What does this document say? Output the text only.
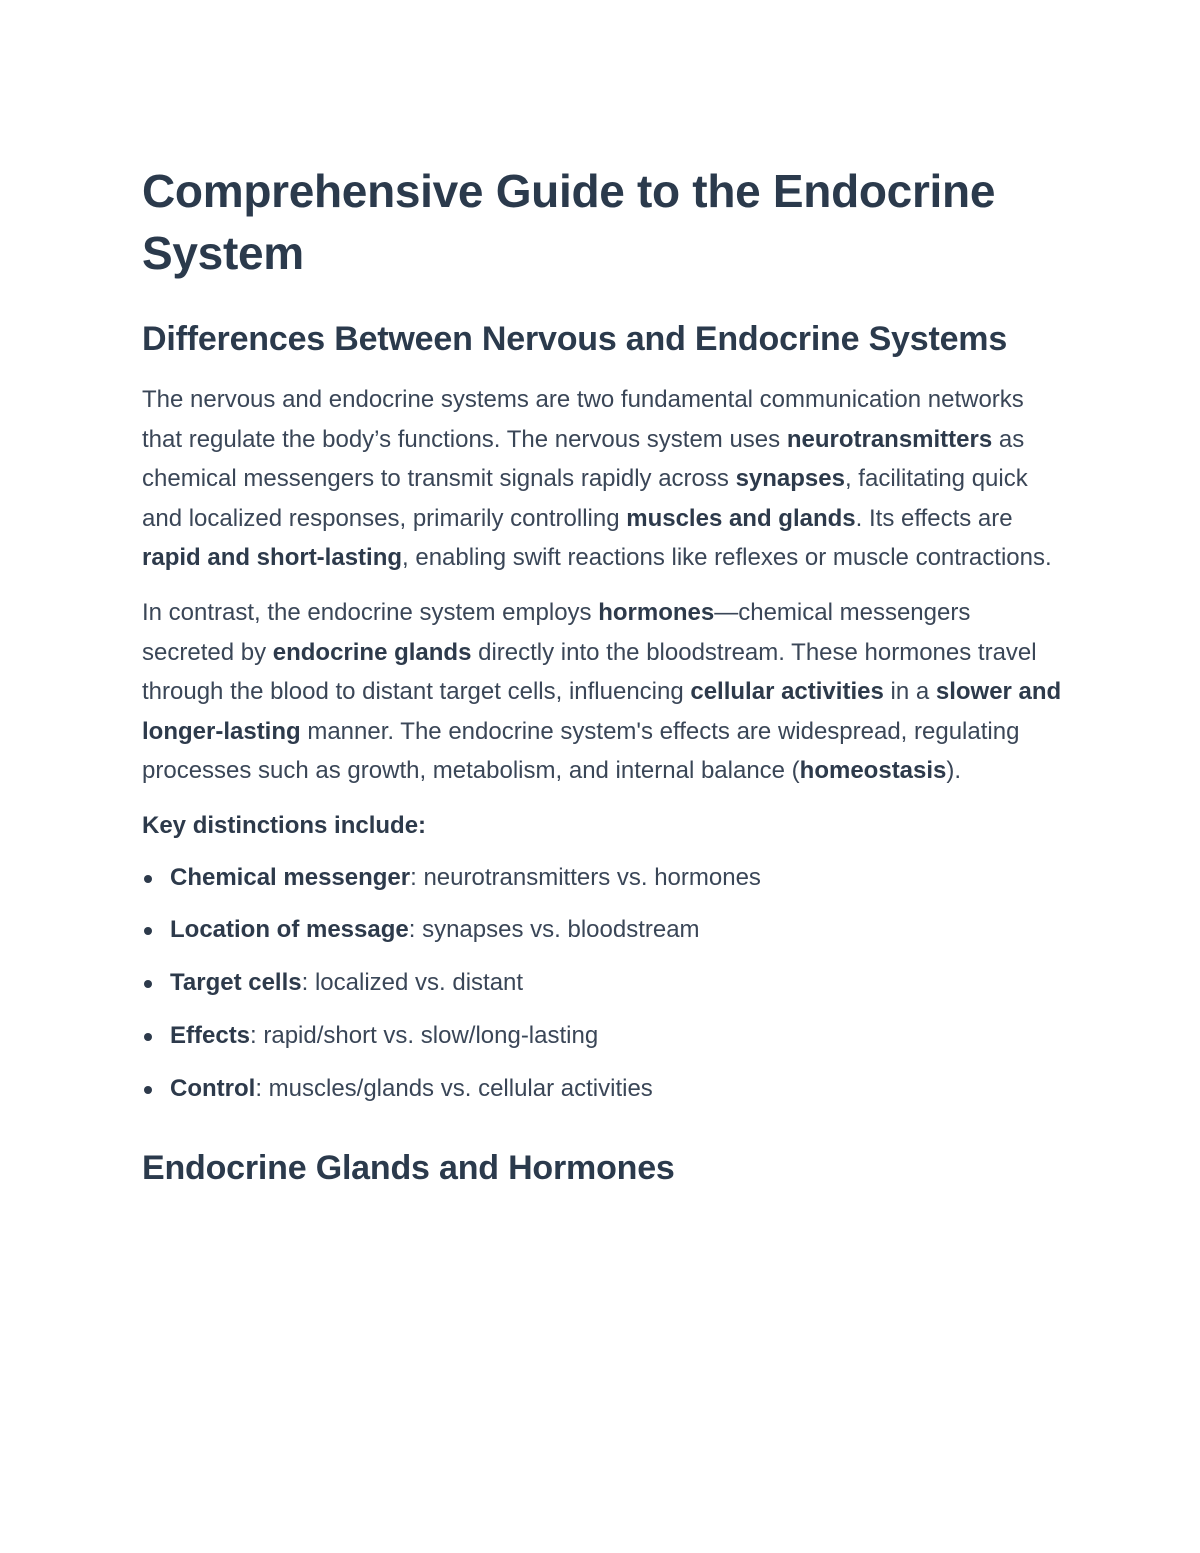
Comprehensive Guide to the Endocrine System
Differences Between Nervous and Endocrine Systems

The nervous and endocrine systems are two fundamental communication networks that regulate the body’s functions. The nervous system uses neurotransmitters as chemical messengers to transmit signals rapidly across synapses, facilitating quick and localized responses, primarily controlling muscles and glands. Its effects are rapid and short-lasting, enabling swift reactions like reflexes or muscle contractions.

In contrast, the endocrine system employs hormones—chemical messengers secreted by endocrine glands directly into the bloodstream. These hormones travel through the blood to distant target cells, influencing cellular activities in a slower and longer-lasting manner. The endocrine system's effects are widespread, regulating processes such as growth, metabolism, and internal balance (homeostasis).

Key distinctions include:

Chemical messenger: neurotransmitters vs. hormones
Location of message: synapses vs. bloodstream
Target cells: localized vs. distant
Effects: rapid/short vs. slow/long-lasting
Control: muscles/glands vs. cellular activities
Endocrine Glands and Hormones
